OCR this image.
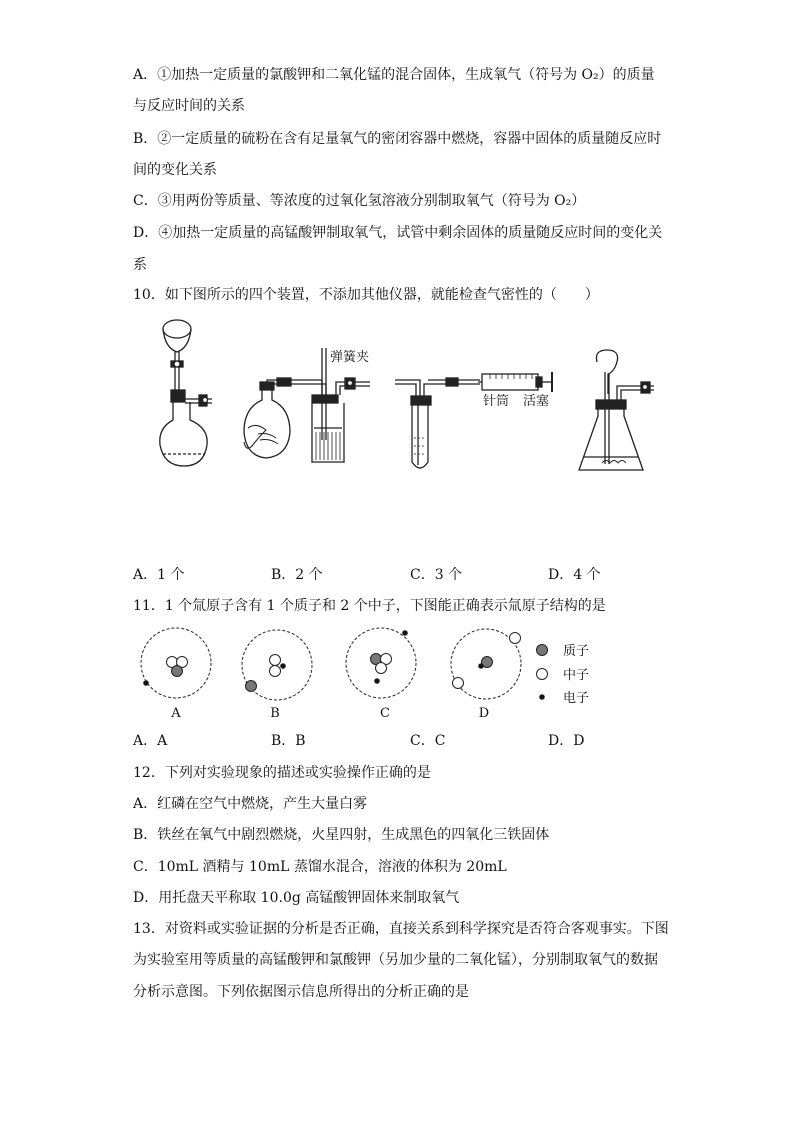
A．①加热一定质量的氯酸钾和二氧化锰的混合固体，生成氧气（符号为 O₂）的质量
与反应时间的关系
B．②一定质量的硫粉在含有足量氧气的密闭容器中燃烧，容器中固体的质量随反应时
间的变化关系
C．③用两份等质量、等浓度的过氧化氢溶液分别制取氧气（符号为 O₂）
D．④加热一定质量的高锰酸钾制取氧气，试管中剩余固体的质量随反应时间的变化关
系
10．如下图所示的四个装置，不添加其他仪器，就能检查气密性的（　　）
弹簧夹
针筒 活塞
A．1 个	B．2 个	C．3 个	D．4 个
11．1 个氚原子含有 1 个质子和 2 个中子，下图能正确表示氚原子结构的是
A	B	C	D
质子
中子
电子
A．A	B．B	C．C	D．D
12．下列对实验现象的描述或实验操作正确的是
A．红磷在空气中燃烧，产生大量白雾
B．铁丝在氧气中剧烈燃烧，火星四射，生成黑色的四氧化三铁固体
C．10mL 酒精与 10mL 蒸馏水混合，溶液的体积为 20mL
D．用托盘天平称取 10.0g 高锰酸钾固体来制取氧气
13．对资料或实验证据的分析是否正确，直接关系到科学探究是否符合客观事实。下图
为实验室用等质量的高锰酸钾和氯酸钾（另加少量的二氧化锰），分别制取氧气的数据
分析示意图。下列依据图示信息所得出的分析正确的是
